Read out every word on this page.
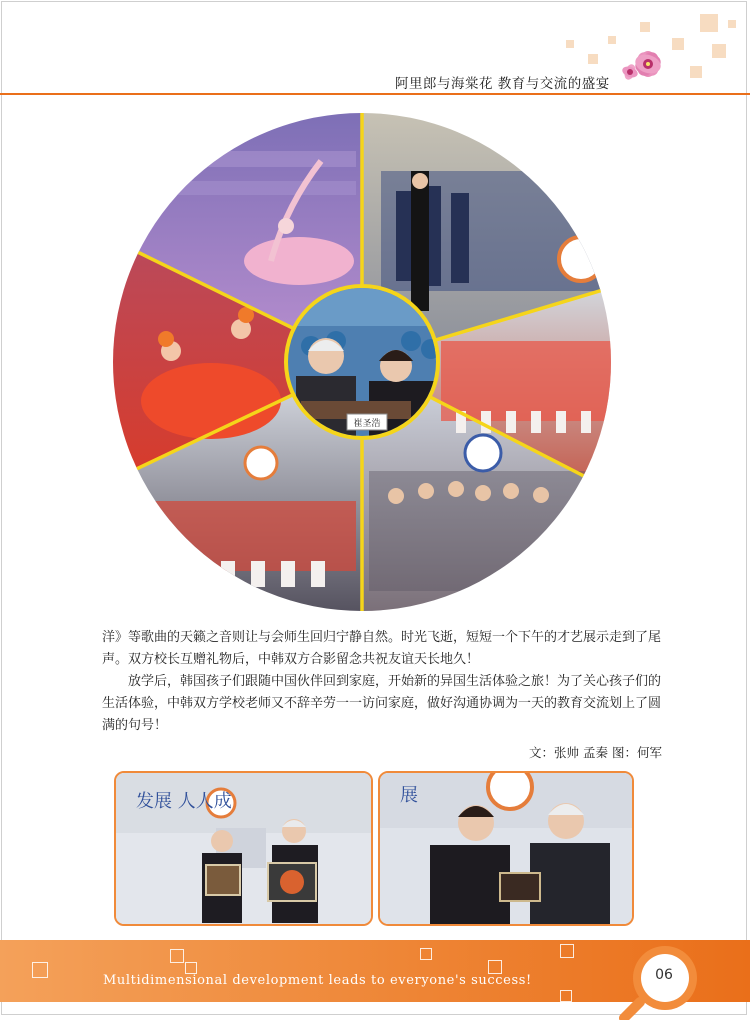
阿里郎与海棠花 教育与交流的盛宴
崔圣浩

洋》等歌曲的天籁之音则让与会师生回归宁静自然。时光飞逝，短短一个下午的才艺展示走到了尾声。双方校长互赠礼物后，中韩双方合影留念共祝友谊天长地久！

放学后，韩国孩子们跟随中国伙伴回到家庭，开始新的异国生活体验之旅！为了关心孩子们的生活体验，中韩双方学校老师又不辞辛劳一一访问家庭，做好沟通协调为一天的教育交流划上了圆满的句号！

文：张帅 孟秦 图：何军
发展 人人成	展
Multidimensional development leads to everyone's success!	06
